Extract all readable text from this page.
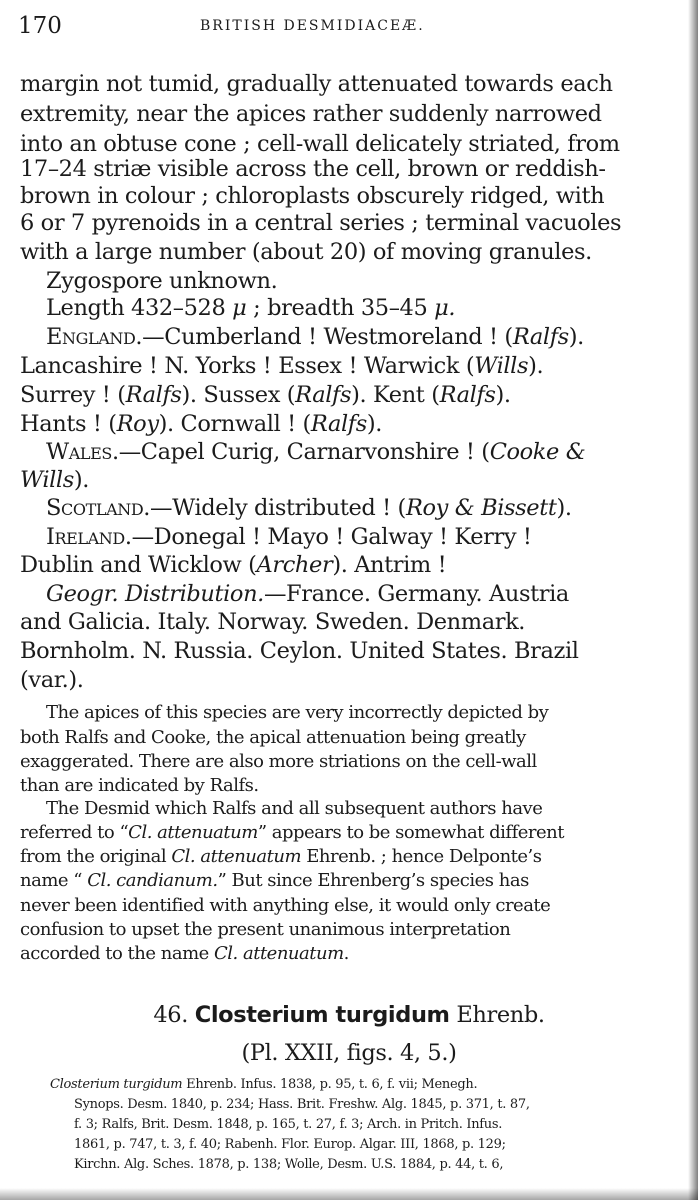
170	BRITISH DESMIDIACEÆ.
margin not tumid, gradually attenuated towards each
extremity, near the apices rather suddenly narrowed
into an obtuse cone ; cell-wall delicately striated, from
17–24 striæ visible across the cell, brown or reddish-
brown in colour ; chloroplasts obscurely ridged, with
6 or 7 pyrenoids in a central series ; terminal vacuoles
with a large number (about 20) of moving granules.
Zygospore unknown.
Length 432–528 μ ; breadth 35–45 μ.
England.—Cumberland ! Westmoreland ! (Ralfs).
Lancashire ! N. Yorks ! Essex ! Warwick (Wills).
Surrey ! (Ralfs). Sussex (Ralfs). Kent (Ralfs).
Hants ! (Roy). Cornwall ! (Ralfs).
Wales.—Capel Curig, Carnarvonshire ! (Cooke &
Wills).
Scotland.—Widely distributed ! (Roy & Bissett).
Ireland.—Donegal ! Mayo ! Galway ! Kerry !
Dublin and Wicklow (Archer). Antrim !
Geogr. Distribution.—France. Germany. Austria
and Galicia. Italy. Norway. Sweden. Denmark.
Bornholm. N. Russia. Ceylon. United States. Brazil
(var.).
The apices of this species are very incorrectly depicted by
both Ralfs and Cooke, the apical attenuation being greatly
exaggerated. There are also more striations on the cell-wall
than are indicated by Ralfs.
The Desmid which Ralfs and all subsequent authors have
referred to “Cl. attenuatum” appears to be somewhat different
from the original Cl. attenuatum Ehrenb. ; hence Delponte’s
name “ Cl. candianum.” But since Ehrenberg’s species has
never been identified with anything else, it would only create
confusion to upset the present unanimous interpretation
accorded to the name Cl. attenuatum.
46. Closterium turgidum Ehrenb.
(Pl. XXII, figs. 4, 5.)
Closterium turgidum Ehrenb. Infus. 1838, p. 95, t. 6, f. vii; Menegh.
Synops. Desm. 1840, p. 234; Hass. Brit. Freshw. Alg. 1845, p. 371, t. 87,
f. 3; Ralfs, Brit. Desm. 1848, p. 165, t. 27, f. 3; Arch. in Pritch. Infus.
1861, p. 747, t. 3, f. 40; Rabenh. Flor. Europ. Algar. III, 1868, p. 129;
Kirchn. Alg. Sches. 1878, p. 138; Wolle, Desm. U.S. 1884, p. 44, t. 6,
